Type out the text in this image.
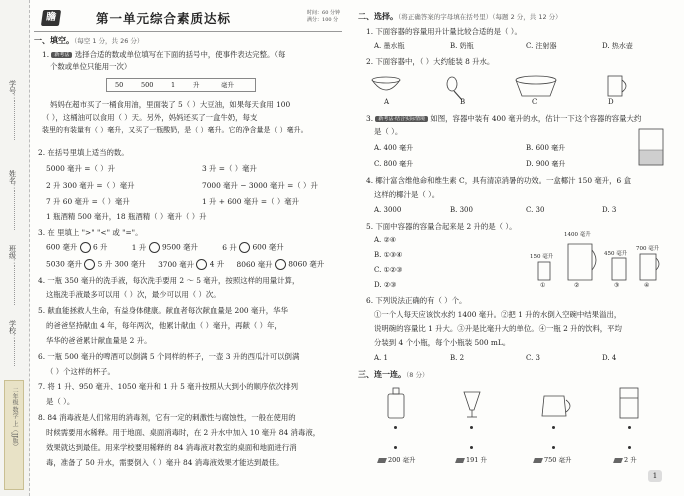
学号：
姓名：
班级：
学校：
二年级 数学 上（JJ版）
瞻	第一单元综合素质达标	时间：60 分钟
满分：100 分
一、填空。（每空 1 分，共 26 分）
1. 新考法 选择合适的数或单位填写在下面的括号中，使事件表达完整。（每
个数或单位只能用一次）
50	500	1	升	毫升
妈妈在超市买了一桶食用油，里面装了 5（ ）大豆油，如果每天食用 100
（ ），这桶油可以食用（ ）天。另外，妈妈还买了一盒牛奶，每支
装里的有装量有（ ）毫升，又买了一瓶酸奶，是（ ）毫升。它的净含量是（ ）毫升。
2. 在括号里填上适当的数。
5000 毫升 =（ ）升	3 升 =（ ）毫升
2 升 300 毫升 =（ ）毫升	7000 毫升 − 3000 毫升 =（ ）升
7 升 60 毫升 =（ ）毫升	1 升 + 600 毫升 =（ ）毫升
1 瓶酒精 500 毫升，18 瓶酒精（ ）毫升（ ）升
3. 在 里填上 ">" "<" 或 "="。
600 毫升 6 升	1 升 9500 毫升	6 升 600 毫升
5030 毫升 5 升 300 毫升 3700 毫升 4 升 8060 毫升 8060 毫升
4. 一瓶 350 毫升的洗手液，每次洗手要用 2 ～ 5 毫升，按照这样的用量计算，
这瓶洗手液最多可以用（ ）次，最少可以用（ ）次。
5. 献血能拯救人生命，有益身体健康。献血者每次献血量是 200 毫升，华华
的爸爸坚持献血 4 年，每年两次，他累计献血（ ）毫升，再献（ ）年，
华华的爸爸累计献血量是 2 升。
6. 一瓶 500 毫升的啤酒可以倒满 5 个同样的杯子，一壶 3 升的西瓜汁可以倒满
（ ）个这样的杯子。
7. 将 1 升、950 毫升、1050 毫升和 1 升 5 毫升按照从大到小的顺序依次排列
是（ ）。
8. 84 消毒液是人们常用的消毒剂，它有一定的刺激性与腐蚀性，一般在使用的
时候需要用水稀释。用于地面、桌面消毒时，在 2 升水中加入 10 毫升 84 消毒液，
效果就达到最佳。用来学校要用稀释的 84 消毒液对教室的桌面和地面进行消
毒，准备了 50 升水，需要倒入（ ）毫升 84 消毒液效果才能达到最佳。
二、选择。（将正确答案的字母填在括号里）（每题 2 分，共 12 分）
1. 下面容器的容量用升计量比较合适的是（ ）。
A. 墨水瓶	B. 奶瓶	C. 注射器	D. 热水壶
2. 下面容器中，（ ）大约能装 8 升水。
A	B	C	D
3. 新考法·结合实际情境 如图，容器中装有 400 毫升的水，估计一下这个容器的容量大约
是（ ）。
A. 400 毫升	B. 600 毫升
C. 800 毫升	D. 900 毫升
4. 椰汁富含维他命和维生素 C，具有清凉消暑的功效。一盒椰汁 150 毫升，6 盒
这样的椰汁是（ ）。
A. 3000	B. 300	C. 30	D. 3
5. 下面中容器的容量合起来是 2 升的是（ ）。
A. ②④
B. ①③④
C. ①②③
D. ②③
150 毫升
1400 毫升
450 毫升
700 毫升
①	②	③	④
6. 下列说法正确的有（ ）个。
①一个人每天应该饮水约 1400 毫升。②把 1 升的水倒入空碗中结果溢出，
说明碗的容量比 1 升大。③升是比毫升大的单位。④一瓶 2 升的饮料，平均
分装到 4 个小瓶，每个小瓶装 500 mL。
A. 1	B. 2	C. 3	D. 4
三、连一连。（8 分）
200 毫升	191 升	750 毫升	2 升
1
